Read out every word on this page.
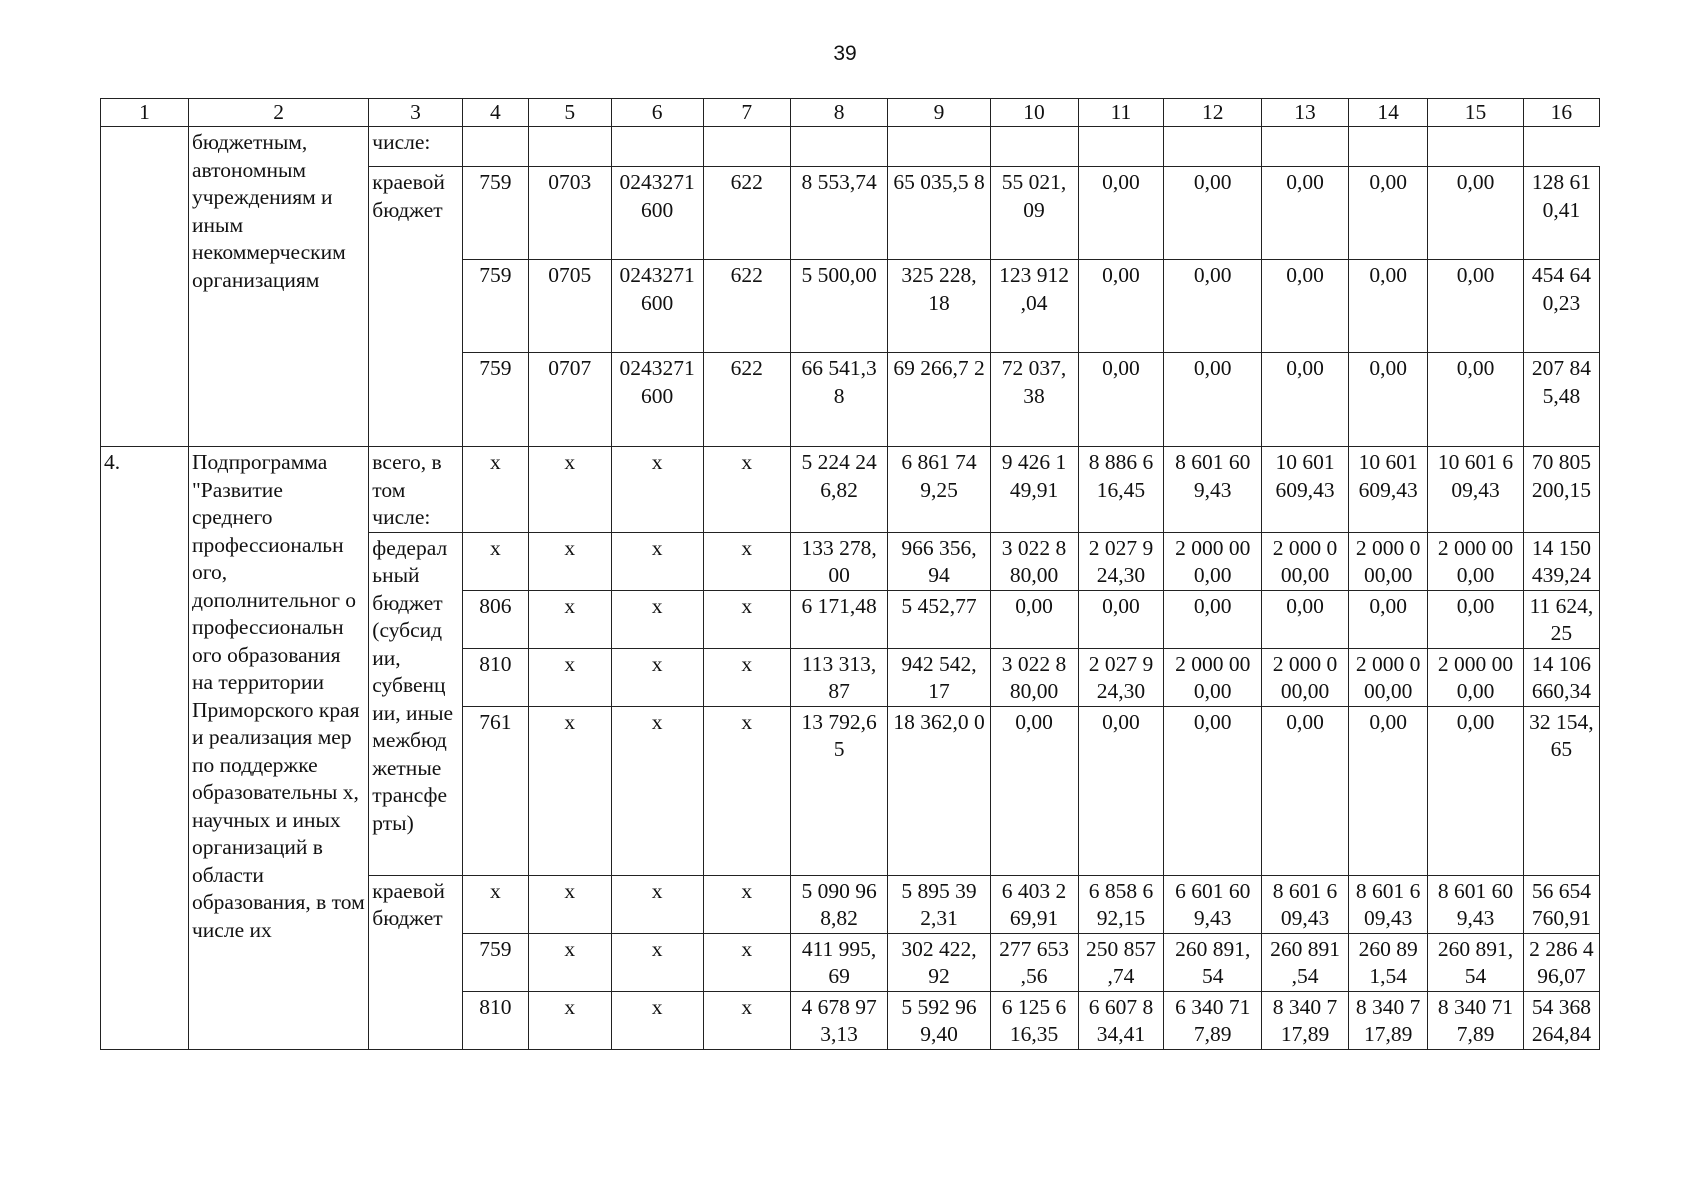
39
1	2	3	4	5	6	7	8	9	10	11	12	13	14	15	16
	бюджетным, автономным учреждениям и иным некоммерческим организациям	числе:													
		краевой бюджет	759	0703	0243271 600	622	8 553,74	65 035,5 8	55 021, 09	0,00	0,00	0,00	0,00	0,00	128 61 0,41
			759	0705	0243271 600	622	5 500,00	325 228, 18	123 912 ,04	0,00	0,00	0,00	0,00	0,00	454 64 0,23
			759	0707	0243271 600	622	66 541,3 8	69 266,7 2	72 037, 38	0,00	0,00	0,00	0,00	0,00	207 84 5,48
4.	Подпрограмма "Развитие среднего профессиональн ого, дополнительног о профессиональн ого образования на территории Приморского края и реализация мер по поддержке образовательны х, научных и иных организаций в области образования, в том числе их	всего, в том числе:	x	x	x	x	5 224 24 6,82	6 861 74 9,25	9 426 1 49,91	8 886 6 16,45	8 601 60 9,43	10 601 609,43	10 601 609,43	10 601 6 09,43	70 805 200,15
		федерал ьный бюджет (субсид ии, субвенц ии, иные межбюд жетные трансфе рты)	x	x	x	x	133 278, 00	966 356, 94	3 022 8 80,00	2 027 9 24,30	2 000 00 0,00	2 000 0 00,00	2 000 0 00,00	2 000 00 0,00	14 150 439,24
			806	x	x	x	6 171,48	5 452,77	0,00	0,00	0,00	0,00	0,00	0,00	11 624, 25
			810	x	x	x	113 313, 87	942 542, 17	3 022 8 80,00	2 027 9 24,30	2 000 00 0,00	2 000 0 00,00	2 000 0 00,00	2 000 00 0,00	14 106 660,34
			761	x	x	x	13 792,6 5	18 362,0 0	0,00	0,00	0,00	0,00	0,00	0,00	32 154, 65
		краевой бюджет	x	x	x	x	5 090 96 8,82	5 895 39 2,31	6 403 2 69,91	6 858 6 92,15	6 601 60 9,43	8 601 6 09,43	8 601 6 09,43	8 601 60 9,43	56 654 760,91
			759	x	x	x	411 995, 69	302 422, 92	277 653 ,56	250 857 ,74	260 891, 54	260 891 ,54	260 89 1,54	260 891, 54	2 286 4 96,07
			810	x	x	x	4 678 97 3,13	5 592 96 9,40	6 125 6 16,35	6 607 8 34,41	6 340 71 7,89	8 340 7 17,89	8 340 7 17,89	8 340 71 7,89	54 368 264,84
